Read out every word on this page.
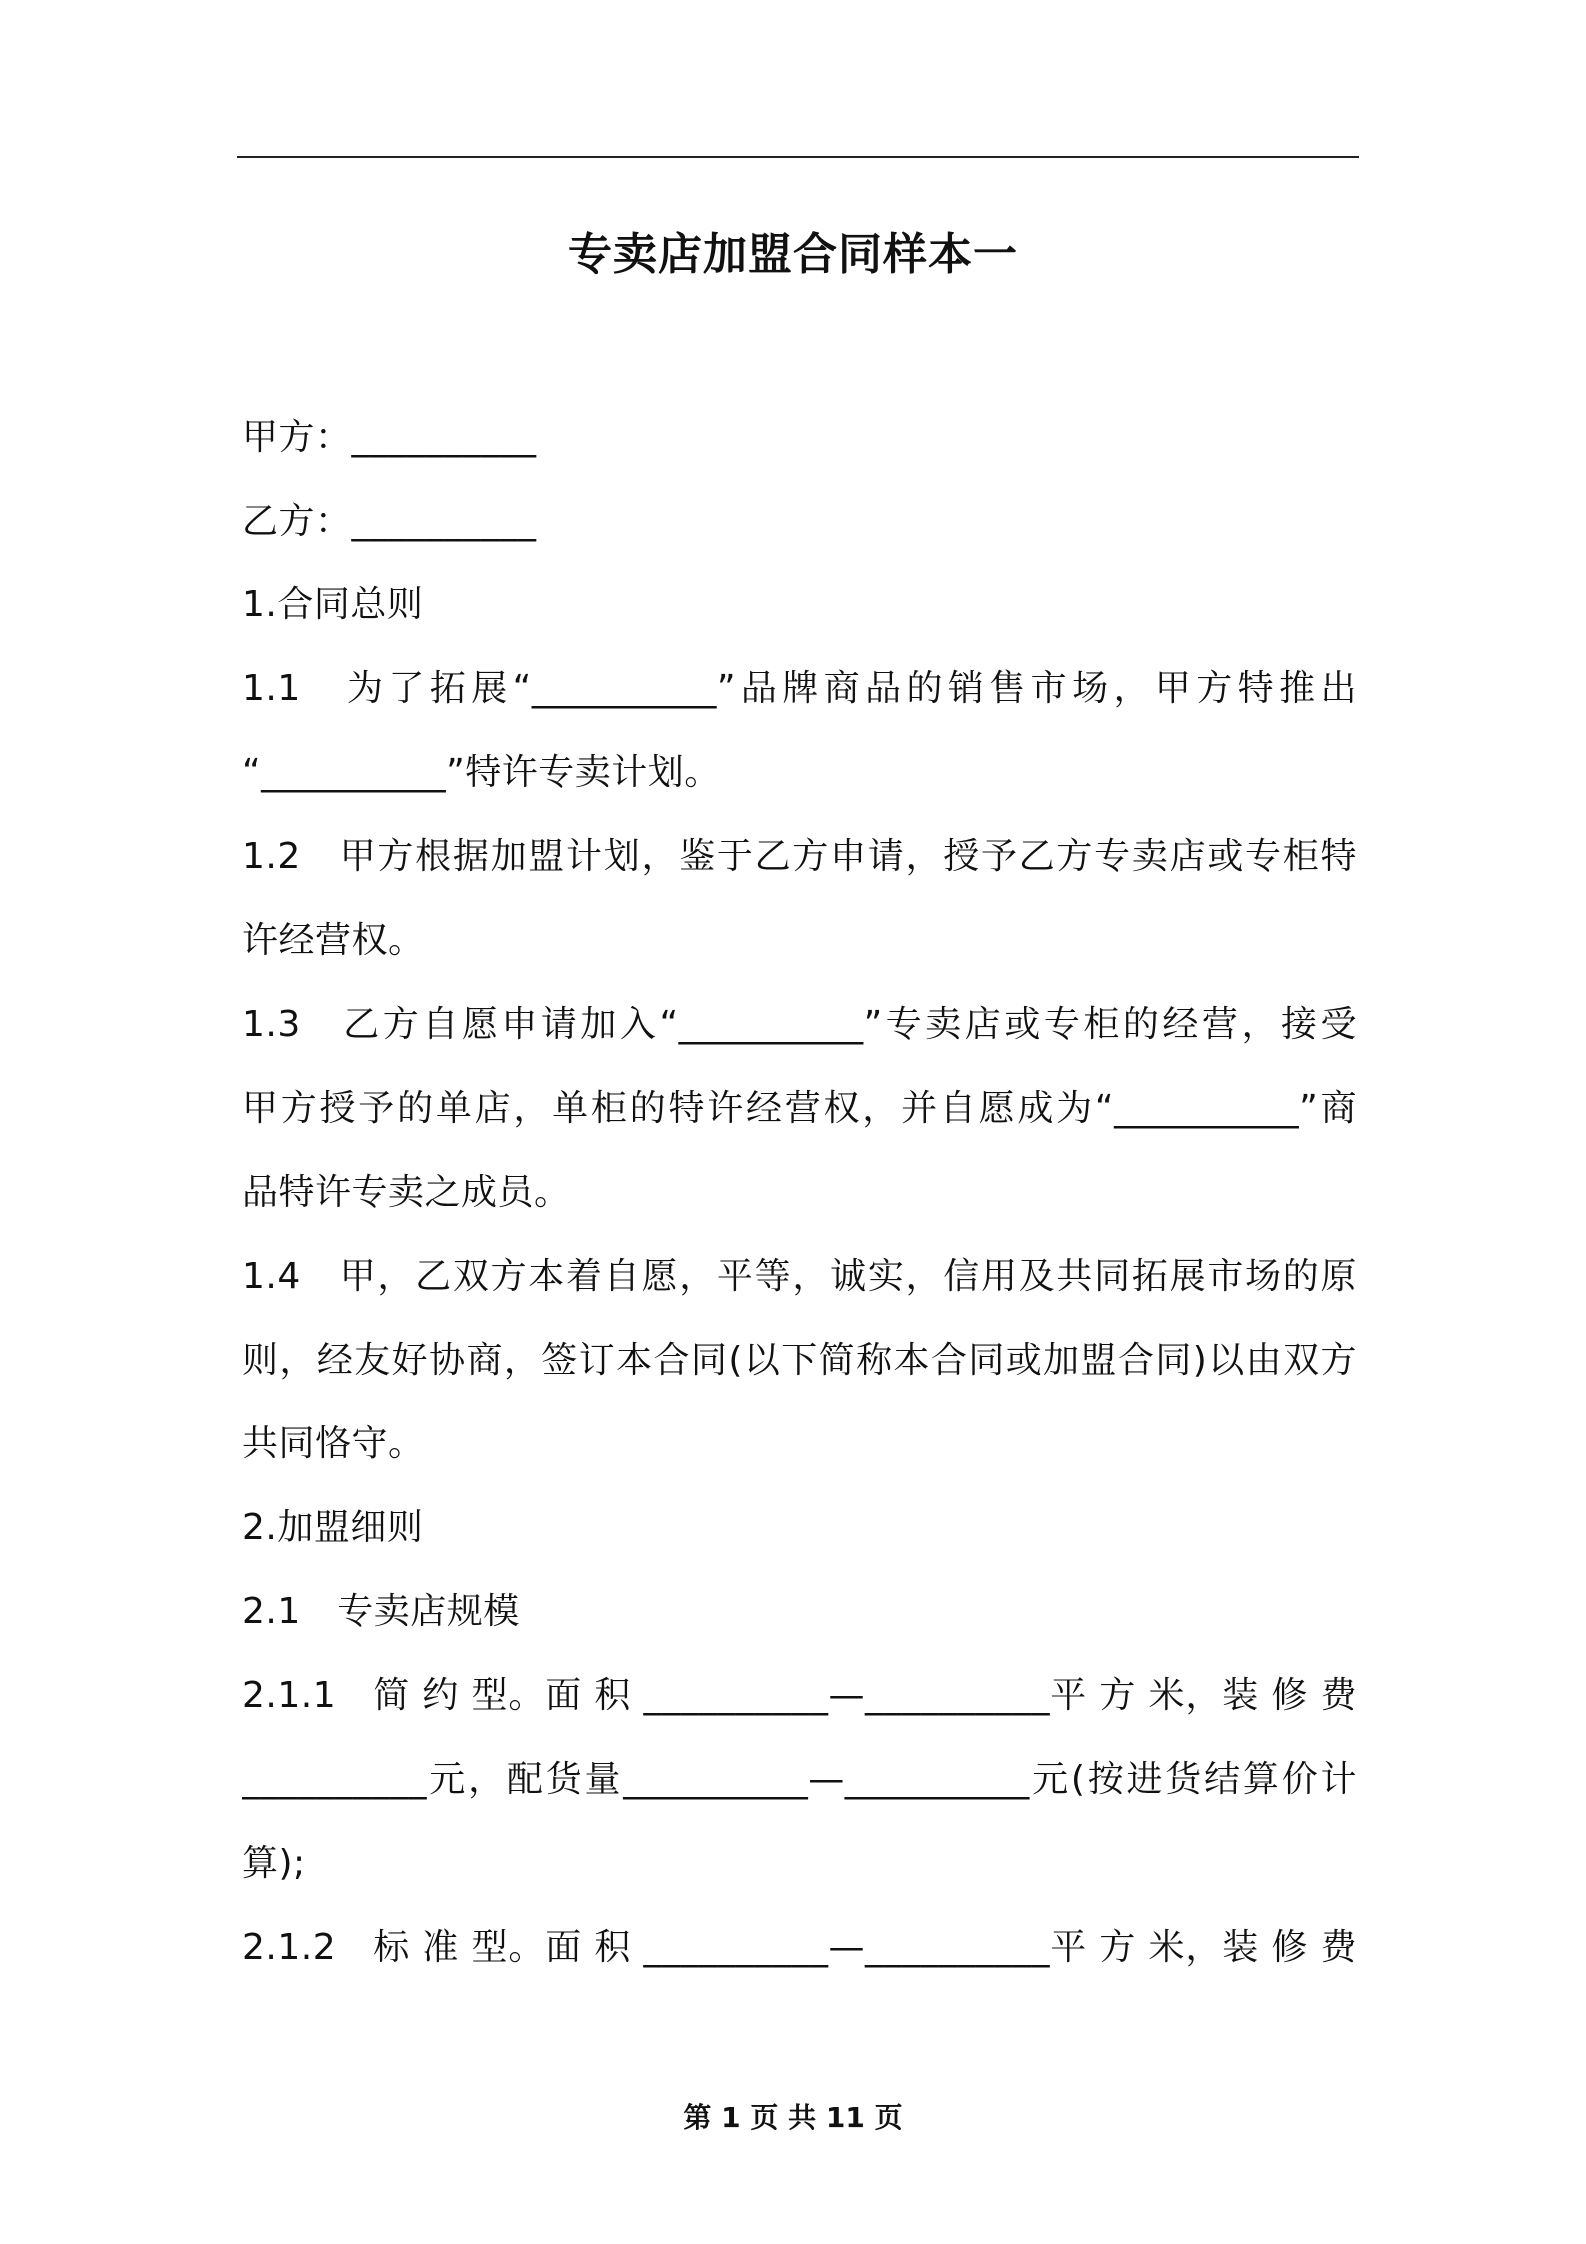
专卖店加盟合同样本一
甲方：__________
乙方：__________
1.合同总则
1.1　为了拓展“__________”品牌商品的销售市场，甲方特推出
“__________”特许专卖计划。
1.2　甲方根据加盟计划，鉴于乙方申请，授予乙方专卖店或专柜特
许经营权。
1.3　乙方自愿申请加入“__________”专卖店或专柜的经营，接受
甲方授予的单店，单柜的特许经营权，并自愿成为“__________”商
品特许专卖之成员。
1.4　甲，乙双方本着自愿，平等，诚实，信用及共同拓展市场的原
则，经友好协商，签订本合同(以下简称本合同或加盟合同)以由双方
共同恪守。
2.加盟细则
2.1　专卖店规模
2.1.1　简 约 型。面 积 __________—__________平 方 米，装 修 费
__________元，配货量__________—__________元(按进货结算价计
算);
2.1.2　标 准 型。面 积 __________—__________平 方 米，装 修 费
第 1 页 共 11 页
